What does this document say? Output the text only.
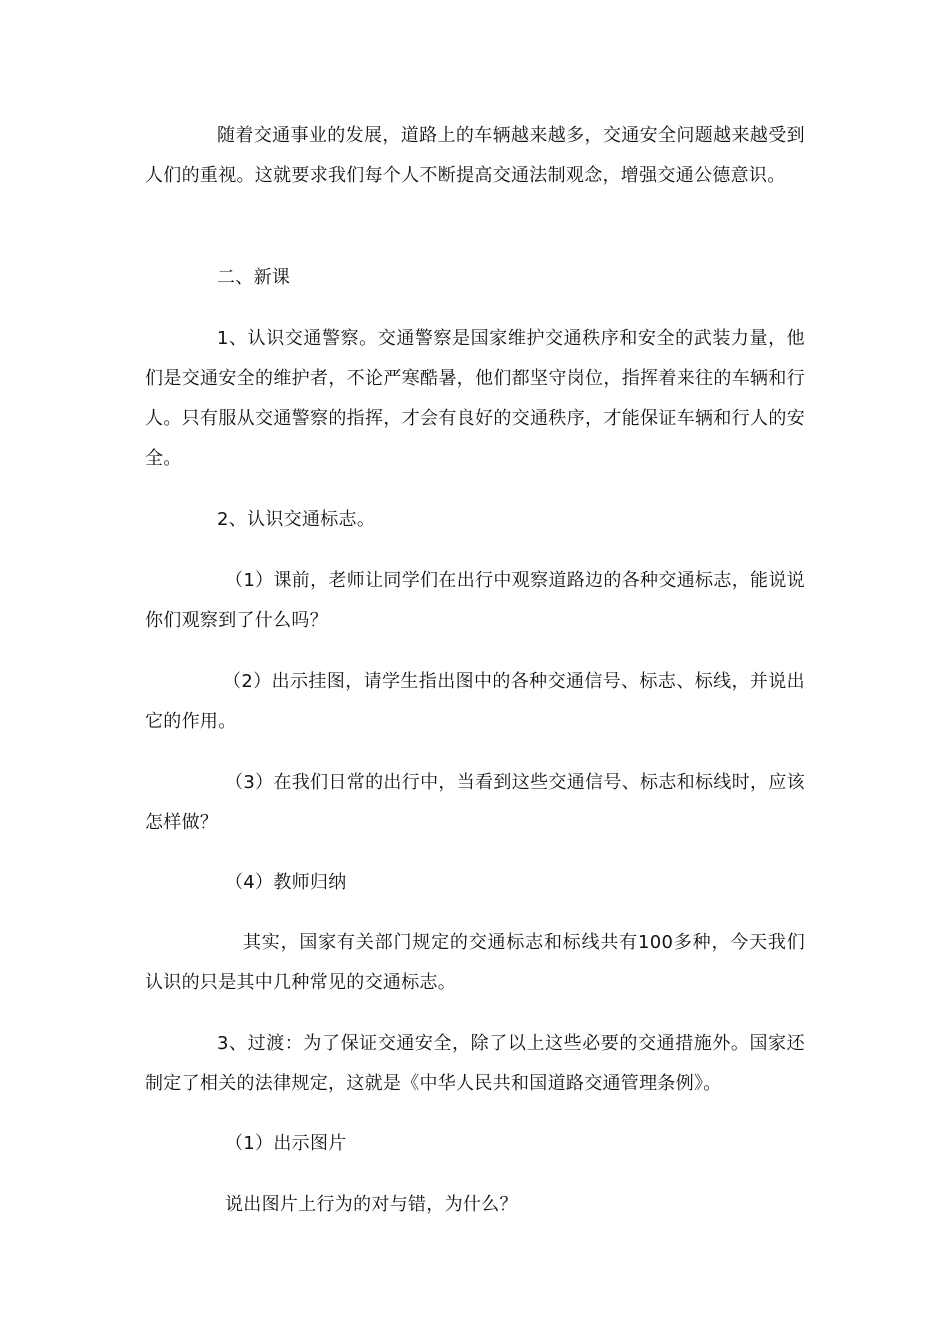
随着交通事业的发展，道路上的车辆越来越多，交通安全问题越来越受到人们的重视。这就要求我们每个人不断提高交通法制观念，增强交通公德意识。

二、新课

1、认识交通警察。交通警察是国家维护交通秩序和安全的武装力量，他们是交通安全的维护者，不论严寒酷暑，他们都坚守岗位，指挥着来往的车辆和行人。只有服从交通警察的指挥，才会有良好的交通秩序，才能保证车辆和行人的安全。

2、认识交通标志。

（1）课前，老师让同学们在出行中观察道路边的各种交通标志，能说说你们观察到了什么吗？

（2）出示挂图，请学生指出图中的各种交通信号、标志、标线，并说出它的作用。

（3）在我们日常的出行中，当看到这些交通信号、标志和标线时，应该怎样做？

（4）教师归纳

其实，国家有关部门规定的交通标志和标线共有100多种，今天我们认识的只是其中几种常见的交通标志。

3、过渡：为了保证交通安全，除了以上这些必要的交通措施外。国家还制定了相关的法律规定，这就是《中华人民共和国道路交通管理条例》。

（1）出示图片

说出图片上行为的对与错，为什么？
